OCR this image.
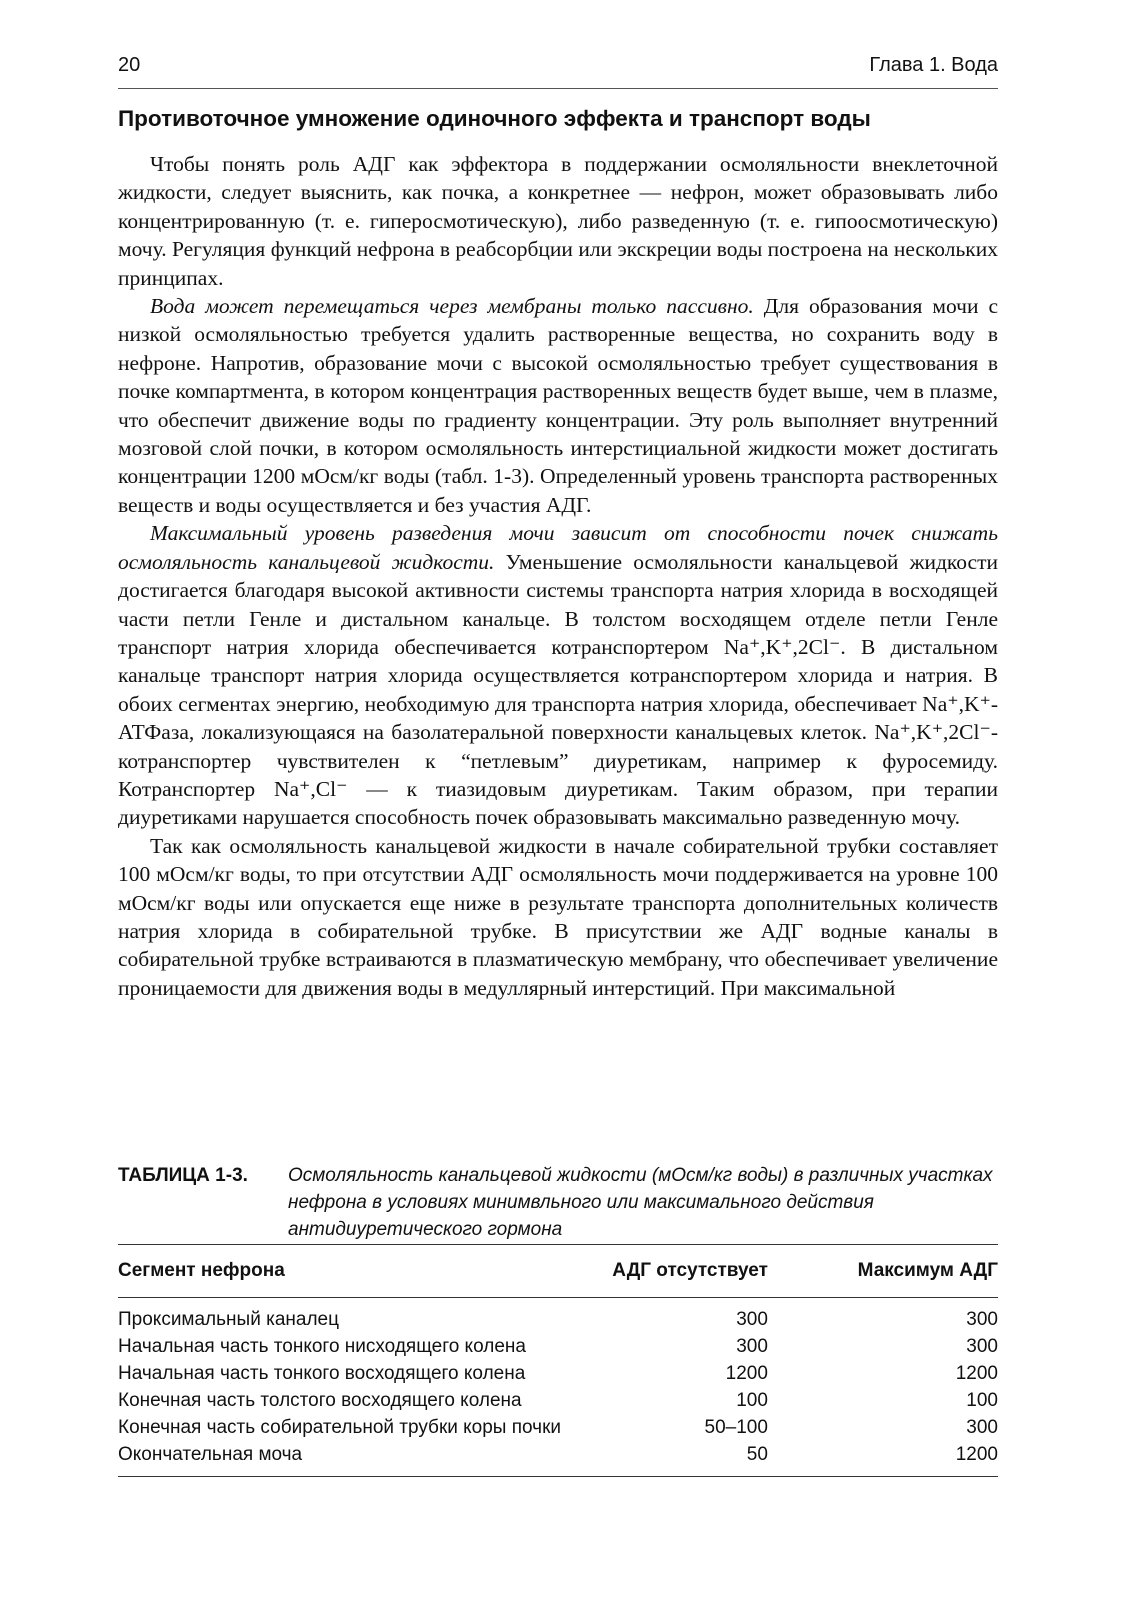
20	Глава 1. Вода
Противоточное умножение одиночного эффекта и транспорт воды

Чтобы понять роль АДГ как эффектора в поддержании осмоляльности внеклеточной жидкости, следует выяснить, как почка, а конкретнее — нефрон, может образовывать либо концентрированную (т. е. гиперосмотическую), либо разведенную (т. е. гипоосмотическую) мочу. Регуляция функций нефрона в реабсорбции или экскреции воды построена на нескольких принципах.

Вода может перемещаться через мембраны только пассивно. Для образования мочи с низкой осмоляльностью требуется удалить растворенные вещества, но сохранить воду в нефроне. Напротив, образование мочи с высокой осмоляльностью требует существования в почке компартмента, в котором концентрация растворенных веществ будет выше, чем в плазме, что обеспечит движение воды по градиенту концентрации. Эту роль выполняет внутренний мозговой слой почки, в котором осмоляльность интерстициальной жидкости может достигать концентрации 1200 мОсм/кг воды (табл. 1-3). Определенный уровень транспорта растворенных веществ и воды осуществляется и без участия АДГ.

Максимальный уровень разведения мочи зависит от способности почек снижать осмоляльность канальцевой жидкости. Уменьшение осмоляльности канальцевой жидкости достигается благодаря высокой активности системы транспорта натрия хлорида в восходящей части петли Генле и дистальном канальце. В толстом восходящем отделе петли Генле транспорт натрия хлорида обеспечивается котранспортером Na⁺,K⁺,2Cl⁻. В дистальном канальце транспорт натрия хлорида осуществляется котранспортером хлорида и натрия. В обоих сегментах энергию, необходимую для транспорта натрия хлорида, обеспечивает Na⁺,K⁺-АТФаза, локализующаяся на базолатеральной поверхности канальцевых клеток. Na⁺,K⁺,2Cl⁻-котранспортер чувствителен к “петлевым” диуретикам, например к фуросемиду. Котранспортер Na⁺,Cl⁻ — к тиазидовым диуретикам. Таким образом, при терапии диуретиками нарушается способность почек образовывать максимально разведенную мочу.

Так как осмоляльность канальцевой жидкости в начале собирательной трубки составляет 100 мОсм/кг воды, то при отсутствии АДГ осмоляльность мочи поддерживается на уровне 100 мОсм/кг воды или опускается еще ниже в результате транспорта дополнительных количеств натрия хлорида в собирательной трубке. В присутствии же АДГ водные каналы в собирательной трубке встраиваются в плазматическую мембрану, что обеспечивает увеличение проницаемости для движения воды в медуллярный интерстиций. При максимальной

ТАБЛИЦА 1-3. Осмоляльность канальцевой жидкости (мОсм/кг воды) в различных участках нефрона в условиях минимвльного или максимального действия антидиуретического гормона
Сегмент нефрона	АДГ отсутствует	Максимум АДГ
Проксимальный каналец	300	300
Начальная часть тонкого нисходящего колена	300	300
Начальная часть тонкого восходящего колена	1200	1200
Конечная часть толстого восходящего колена	100	100
Конечная часть собирательной трубки коры почки	50–100	300
Окончательная моча	50	1200
